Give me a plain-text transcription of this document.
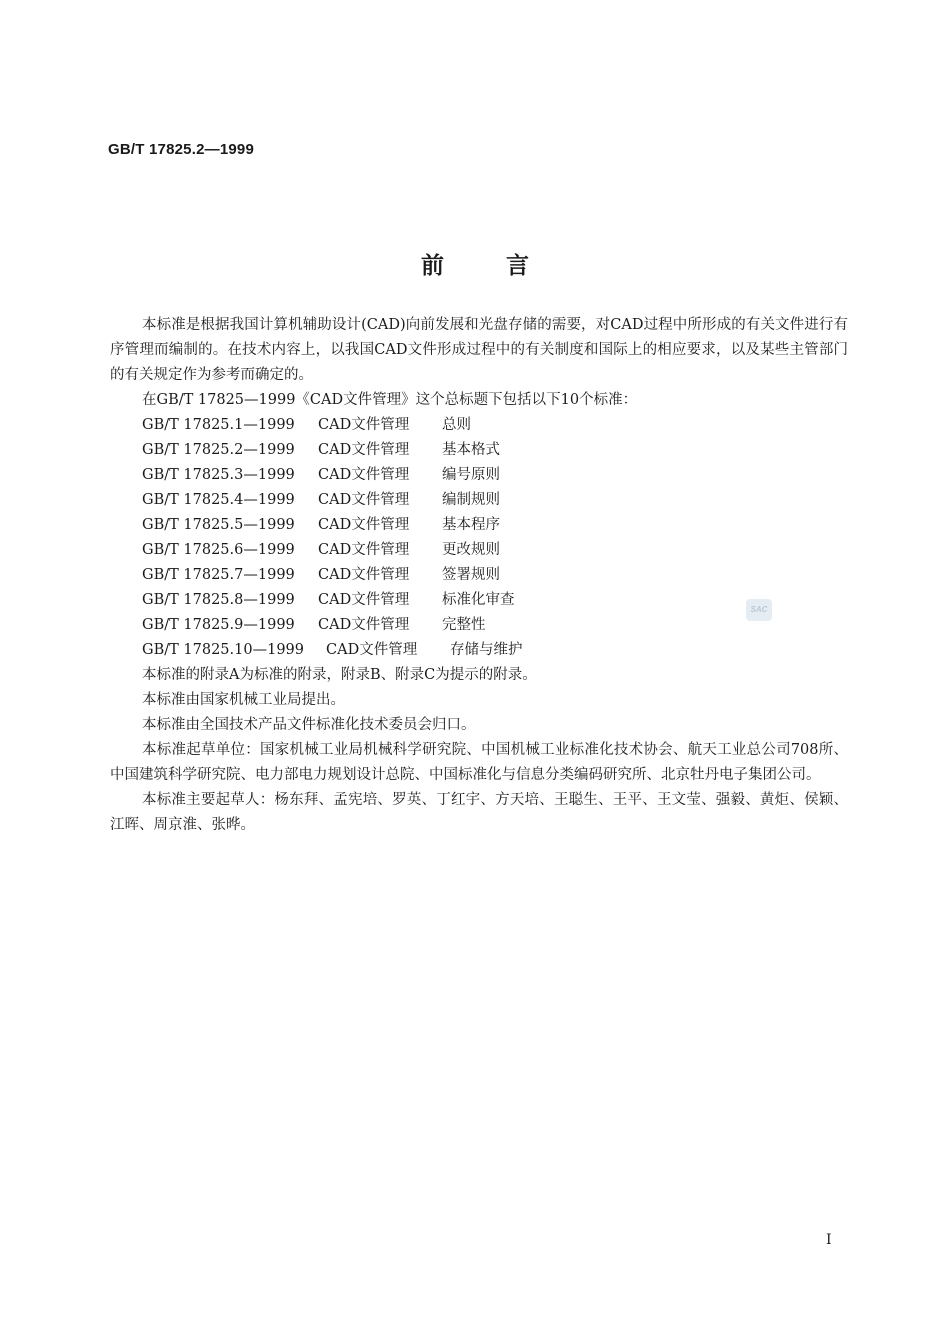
GB/T 17825.2—1999
前言

本标准是根据我国计算机辅助设计(CAD)向前发展和光盘存储的需要，对CAD过程中所形成的有关文件进行有序管理而编制的。在技术内容上，以我国CAD文件形成过程中的有关制度和国际上的相应要求，以及某些主管部门的有关规定作为参考而确定的。

在GB/T 17825—1999《CAD文件管理》这个总标题下包括以下10个标准：

GB/T 17825.1—1999 CAD文件管理 总则

GB/T 17825.2—1999 CAD文件管理 基本格式

GB/T 17825.3—1999 CAD文件管理 编号原则

GB/T 17825.4—1999 CAD文件管理 编制规则

GB/T 17825.5—1999 CAD文件管理 基本程序

GB/T 17825.6—1999 CAD文件管理 更改规则

GB/T 17825.7—1999 CAD文件管理 签署规则

GB/T 17825.8—1999 CAD文件管理 标准化审查

GB/T 17825.9—1999 CAD文件管理 完整性

GB/T 17825.10—1999 CAD文件管理 存储与维护

本标准的附录A为标准的附录，附录B、附录C为提示的附录。

本标准由国家机械工业局提出。

本标准由全国技术产品文件标准化技术委员会归口。

本标准起草单位：国家机械工业局机械科学研究院、中国机械工业标准化技术协会、航天工业总公司708所、中国建筑科学研究院、电力部电力规划设计总院、中国标准化与信息分类编码研究所、北京牡丹电子集团公司。

本标准主要起草人：杨东拜、孟宪培、罗英、丁红宇、方天培、王聪生、王平、王文莹、强毅、黄炬、侯颖、江晖、周京淮、张晔。

SAC
I
